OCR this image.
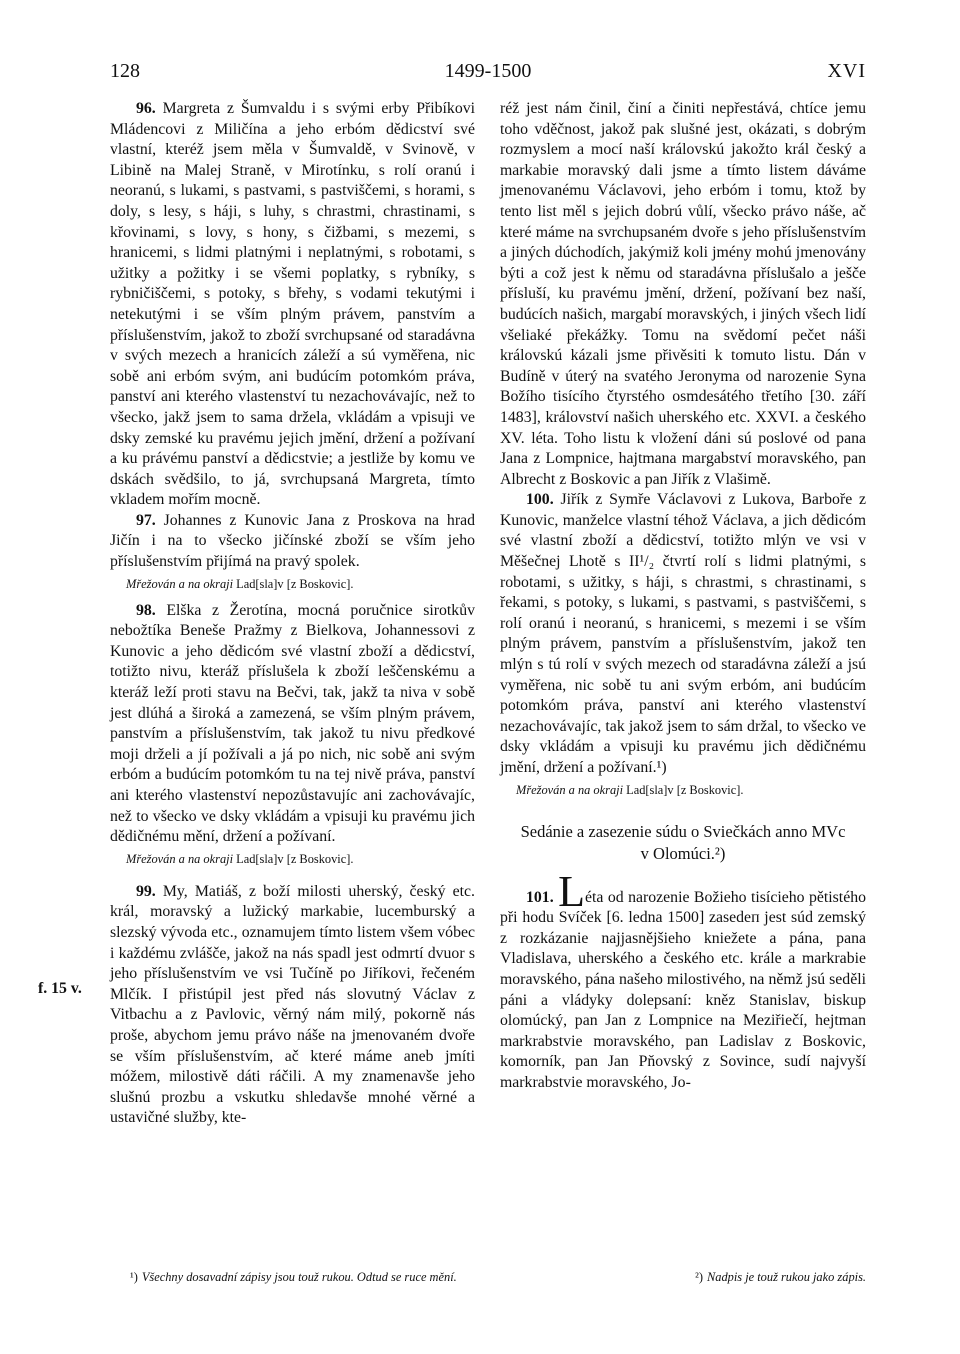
128	1499-1500	XVI
f. 15 v.

96. Margreta z Šumvaldu i s svými erby Přibíkovi Mládencovi z Miličína a jeho erbóm dědicství své vlastní, kteréž jsem měla v Šumvaldě, v Svinově, v Libině na Malej Straně, v Mirotínku, s rolí oranú i neoranú, s lukami, s pastvami, s pastviščemi, s horami, s doly, s lesy, s háji, s luhy, s chrastmi, chrastinami, s křovinami, s lovy, s hony, s čižbami, s mezemi, s hranicemi, s lidmi platnými i neplatnými, s robotami, s užitky a požitky i se všemi poplatky, s rybníky, s rybničiščemi, s potoky, s břehy, s vodami tekutými i netekutými i se vším plným právem, panstvím a příslušenstvím, jakož to zboží svrchupsané od staradávna v svých mezech a hranicích záleží a sú vyměřena, nic sobě ani erbóm svým, ani budúcím potomkóm práva, panství ani kterého vlastenství tu nezachovávajíc, než to všecko, jakž jsem to sama držela, vkládám a vpisuji ve dsky zemské ku pravému jejich jmění, držení a požívaní a ku právému panství a dědicstvie; a jestliže by komu ve dskách svědšilo, to já, svrchupsaná Margreta, tímto vkladem mořím mocně.

97. Johannes z Kunovic Jana z Proskova na hrad Jičín i na to všecko jičínské zboží se vším jeho příslušenstvím přijímá na pravý spolek.

Mřežován a na okraji Lad[sla]v [z Boskovic].

98. Elška z Žerotína, mocná poručnice sirotkův nebožtíka Beneše Pražmy z Bielkova, Johannessovi z Kunovic a jeho dědicóm své vlastní zboží a dědicství, totižto nivu, kteráž příslušela k zboží leščenskému a kteráž leží proti stavu na Bečvi, tak, jakž ta niva v sobě jest dlúhá a široká a zamezená, se vším plným právem, panstvím a příslušenstvím, tak jakož tu nivu předkové moji drželi a jí požívali a já po nich, nic sobě ani svým erbóm a budúcím potomkóm tu na tej nivě práva, panství ani kterého vlastenství nepozůstavujíc ani zachovávajíc, než to všecko ve dsky vkládám a vpisuji ku pravému jich dědičnému mění, držení a požívaní.

Mřežován a na okraji Lad[sla]v [z Boskovic].

99. My, Matiáš, z boží milosti uherský, český etc. král, moravský a lužický markabie, lucemburský a slezský vývoda etc., oznamujem tímto listem všem vóbec i každému zvlášče, jakož na nás spadl jest odmrtí dvuor s jeho příslušenstvím ve vsi Tučíně po Jiříkovi, řečeném Mlčík. I přistúpil jest před nás slovutný Václav z Vitbachu a z Pavlovic, věrný nám milý, pokorně nás proše, abychom jemu právo náše na jmenovaném dvoře se vším příslušenstvím, ač které máme aneb jmíti móžem, milostivě dáti ráčili. A my znamenavše jeho slušnú prozbu a vskutku shledavše mnohé věrné a ustavičné služby, kte-

réž jest nám činil, činí a činiti nepřestává, chtíce jemu toho vděčnost, jakož pak slušné jest, okázati, s dobrým rozmyslem a mocí naší královskú jakožto král český a markabie moravský dali jsme a tímto listem dáváme jmenovanému Václavovi, jeho erbóm i tomu, ktož by tento list měl s jejich dobrú vůlí, všecko právo náše, ač které máme na svrchupsaném dvoře s jeho příslušenstvím a jiných dúchodích, jakýmiž koli jmény mohú jmenovány býti a což jest k němu od staradávna příslušalo a ješče přísluší, ku pravému jmění, držení, požívaní bez naší, budúcích našich, margabí moravských, i jiných všech lidí všeliaké překážky. Tomu na svědomí pečet náši královskú kázali jsme přivěsiti k tomuto listu. Dán v Budíně v úterý na svatého Jeronyma od narozenie Syna Božího tisícího čtyrstého osmdesátého třetího [30. září 1483], království našich uherského etc. XXVI. a českého XV. léta. Toho listu k vložení dáni sú poslové od pana Jana z Lompnice, hajtmana margabství moravského, pan Albrecht z Boskovic a pan Jiřík z Vlašimě.

100. Jiřík z Symře Václavovi z Lukova, Barboře z Kunovic, manželce vlastní téhož Václava, a jich dědicóm své vlastní zboží a dědicství, totižto mlýn ve vsi v Měšečnej Lhotě s II¹/₂ čtvrtí rolí s lidmi platnými, s robotami, s užitky, s háji, s chrastmi, s chrastinami, s řekami, s potoky, s lukami, s pastvami, s pastviščemi, s rolí oranú i neoranú, s hranicemi, s mezemi i se vším plným právem, panstvím a příslušenstvím, jakož ten mlýn s tú rolí v svých mezech od staradávna záleží a jsú vyměřena, nic sobě tu ani svým erbóm, ani budúcím potomkóm práva, panství ani kterého vlastenství nezachovávajíc, tak jakož jsem to sám držal, to všecko ve dsky vkládám a vpisuji ku pravému jich dědičnému jmění, držení a požívaní.¹)

Mřežován a na okraji Lad[sla]v [z Boskovic].
Sedánie a zasezenie súdu o Sviečkách anno MVc
v Olomúci.²)

101. Léta od narozenie Božieho tisícieho pětistého při hodu Svíček [6. ledna 1500] zasedeп jest súd zemský z rozkázanie najjasnějšieho kniežete a pána, pana Vladislava, uherského a českého etc. krále a markrabie moravského, pána našeho milostivého, na němž jsú seděli páni a vládyky dolepsaní: kněz Stanislav, biskup olomúcký, pan Jan z Lompnice na Meziřiečí, hejtman markrabstvie moravského, pan Ladislav z Boskovic, komorník, pan Jan Pňovský z Sovince, sudí najvyší markrabstvie moravského, Jo-

¹) Všechny dosavadní zápisy jsou touž rukou. Odtud se ruce mění.	²) Nadpis je touž rukou jako zápis.
